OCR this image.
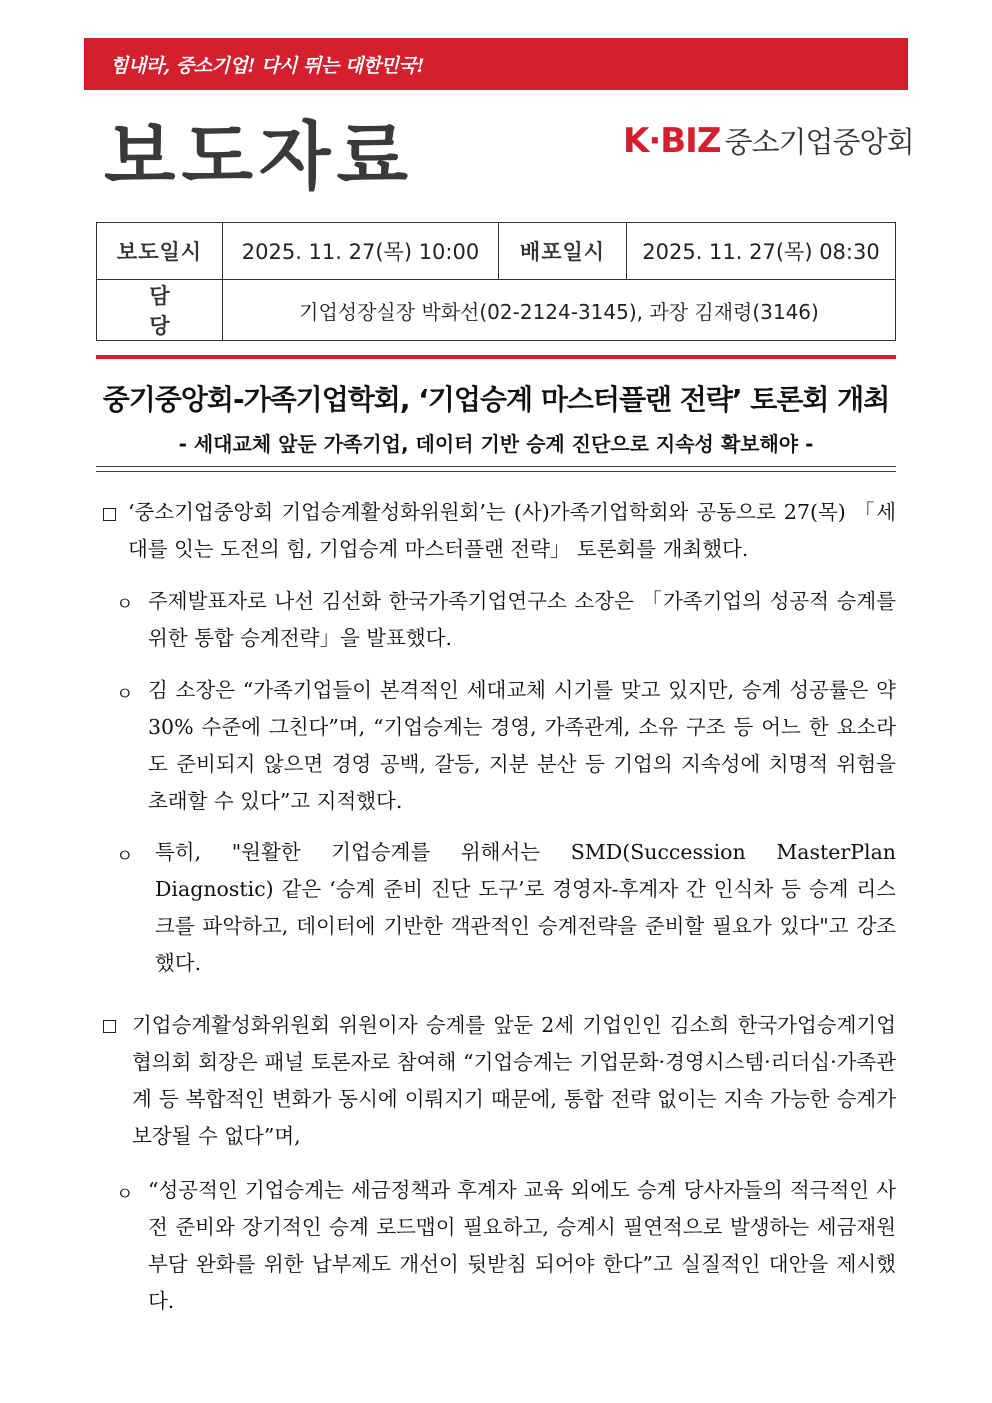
힘내라, 중소기업! 다시 뛰는 대한민국!
보도자료	K·BIZ 중소기업중앙회
보도일시	2025. 11. 27(목) 10:00	배포일시	2025. 11. 27(목) 08:30
담당	기업성장실장 박화선(02-2124-3145), 과장 김재령(3146)		
중기중앙회-가족기업학회, ‘기업승계 마스터플랜 전략’ 토론회 개최
- 세대교체 앞둔 가족기업, 데이터 기반 승계 진단으로 지속성 확보해야 -
‘중소기업중앙회 기업승계활성화위원회’는 (사)가족기업학회와 공동으로 27(목) 「세대를 잇는 도전의 힘, 기업승계 마스터플랜 전략」 토론회를 개최했다.
ㅇ 주제발표자로 나선 김선화 한국가족기업연구소 소장은 「가족기업의 성공적 승계를 위한 통합 승계전략」을 발표했다.
ㅇ 김 소장은 “가족기업들이 본격적인 세대교체 시기를 맞고 있지만, 승계 성공률은 약 30% 수준에 그친다”며, “기업승계는 경영, 가족관계, 소유 구조 등 어느 한 요소라도 준비되지 않으면 경영 공백, 갈등, 지분 분산 등 기업의 지속성에 치명적 위험을 초래할 수 있다”고 지적했다.
ㅇ 특히, "원활한 기업승계를 위해서는 SMD(Succession MasterPlan Diagnostic) 같은 ‘승계 준비 진단 도구’로 경영자-후계자 간 인식차 등 승계 리스크를 파악하고, 데이터에 기반한 객관적인 승계전략을 준비할 필요가 있다"고 강조했다.
기업승계활성화위원회 위원이자 승계를 앞둔 2세 기업인인 김소희 한국가업승계기업협의회 회장은 패널 토론자로 참여해 “기업승계는 기업문화·경영시스템·리더십·가족관계 등 복합적인 변화가 동시에 이뤄지기 때문에, 통합 전략 없이는 지속 가능한 승계가 보장될 수 없다”며,
ㅇ “성공적인 기업승계는 세금정책과 후계자 교육 외에도 승계 당사자들의 적극적인 사전 준비와 장기적인 승계 로드맵이 필요하고, 승계시 필연적으로 발생하는 세금재원 부담 완화를 위한 납부제도 개선이 뒷받침 되어야 한다”고 실질적인 대안을 제시했다.
